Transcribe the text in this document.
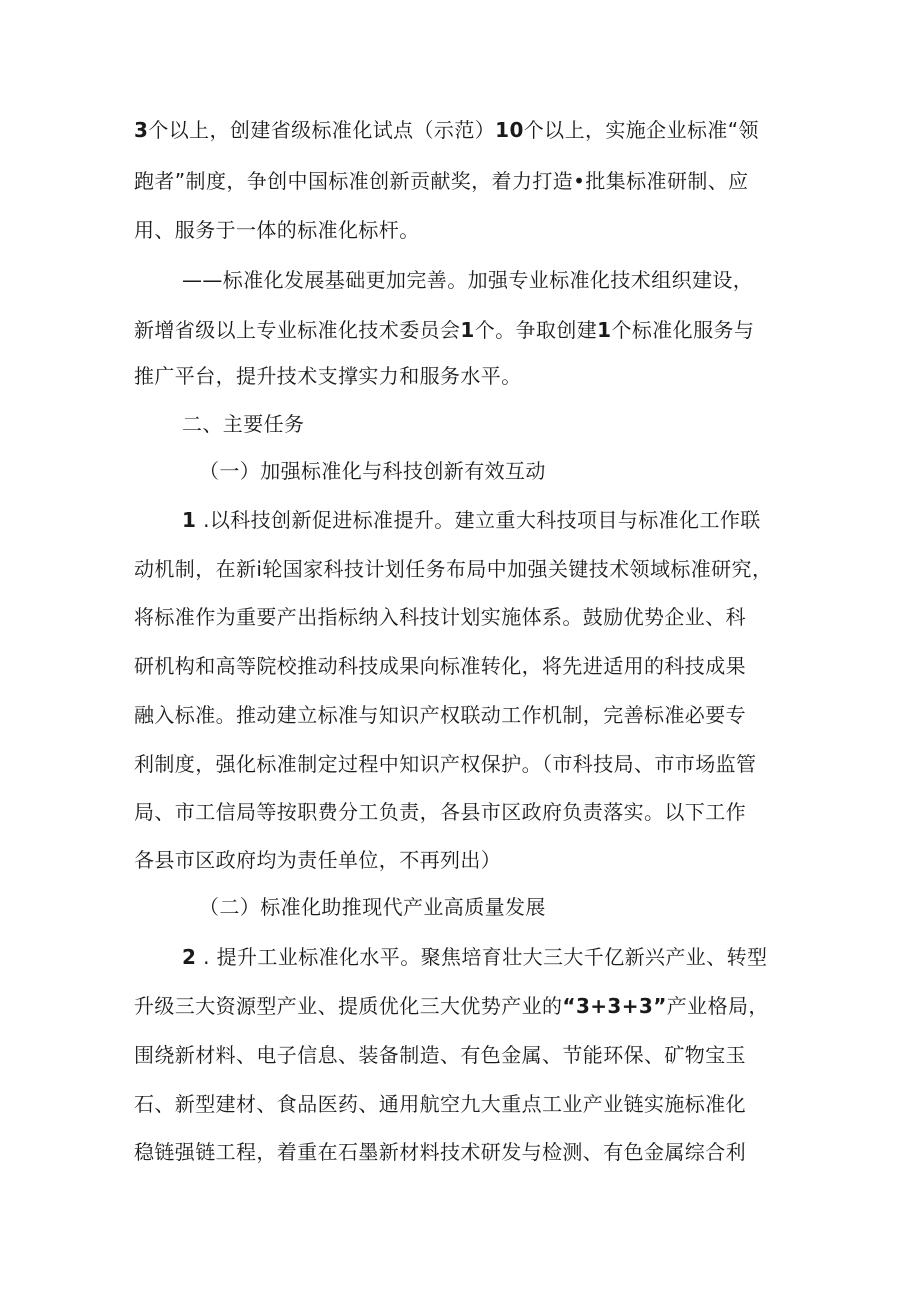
3个以上，创建省级标准化试点（示范）10个以上，实施企业标准“领
跑者”制度，争创中国标准创新贡献奖，着力打造•批集标准研制、应
用、服务于一体的标准化标杆。
——标准化发展基础更加完善。加强专业标准化技术组织建设，
新增省级以上专业标准化技术委员会1个。争取创建1个标准化服务与
推广平台，提升技术支撑实力和服务水平。
二、主要任务
（一）加强标准化与科技创新有效互动
1 .以科技创新促进标准提升。建立重大科技项目与标准化工作联
动机制，在新i轮国家科技计划任务布局中加强关键技术领域标准研究，
将标准作为重要产出指标纳入科技计划实施体系。鼓励优势企业、科
研机构和高等院校推动科技成果向标准转化，将先进适用的科技成果
融入标准。推动建立标准与知识产权联动工作机制，完善标准必要专
利制度，强化标准制定过程中知识产权保护。（市科技局、市市场监管
局、市工信局等按职费分工负责，各县市区政府负责落实。以下工作
各县市区政府均为责任单位，不再列出）
（二）标准化助推现代产业高质量发展
2 . 提升工业标准化水平。聚焦培育壮大三大千亿新兴产业、转型
升级三大资源型产业、提质优化三大优势产业的“3+3+3”产业格局，
围绕新材料、电子信息、装备制造、有色金属、节能环保、矿物宝玉
石、新型建材、食品医药、通用航空九大重点工业产业链实施标准化
稳链强链工程，着重在石墨新材料技术研发与检测、有色金属综合利
